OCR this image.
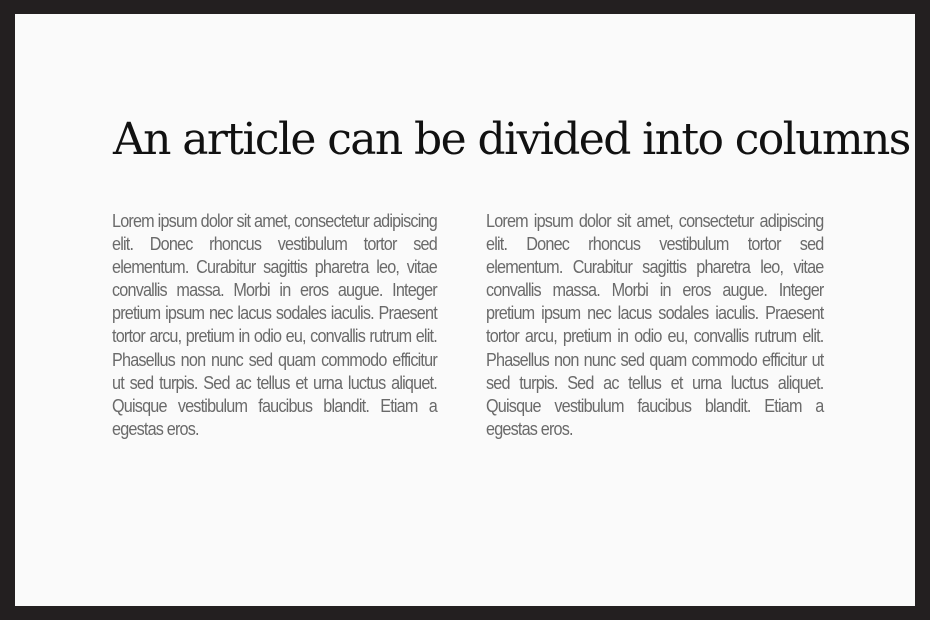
An article can be divided into columns

Lorem ipsum dolor sit amet, consectetur adipiscing elit. Donec rhoncus vestibulum tortor sed elementum. Curabitur sagittis pharetra leo, vitae convallis massa. Morbi in eros augue. Integer pretium ipsum nec lacus sodales iaculis. Praesent tortor arcu, pretium in odio eu, convallis rutrum elit. Phasellus non nunc sed quam commodo efficitur ut sed turpis. Sed ac tellus et urna luctus aliquet. Quisque vestibulum faucibus blandit. Etiam a egestas eros.

Lorem ipsum dolor sit amet, consectetur adipiscing elit. Donec rhoncus vestibulum tortor sed elementum. Curabitur sagittis pharetra leo, vitae convallis massa. Morbi in eros augue. Integer pretium ipsum nec lacus sodales iaculis. Praesent tortor arcu, pretium in odio eu, convallis rutrum elit. Phasellus non nunc sed quam commodo efficitur ut sed turpis. Sed ac tellus et urna luctus aliquet. Quisque vestibulum faucibus blandit. Etiam a egestas eros.
